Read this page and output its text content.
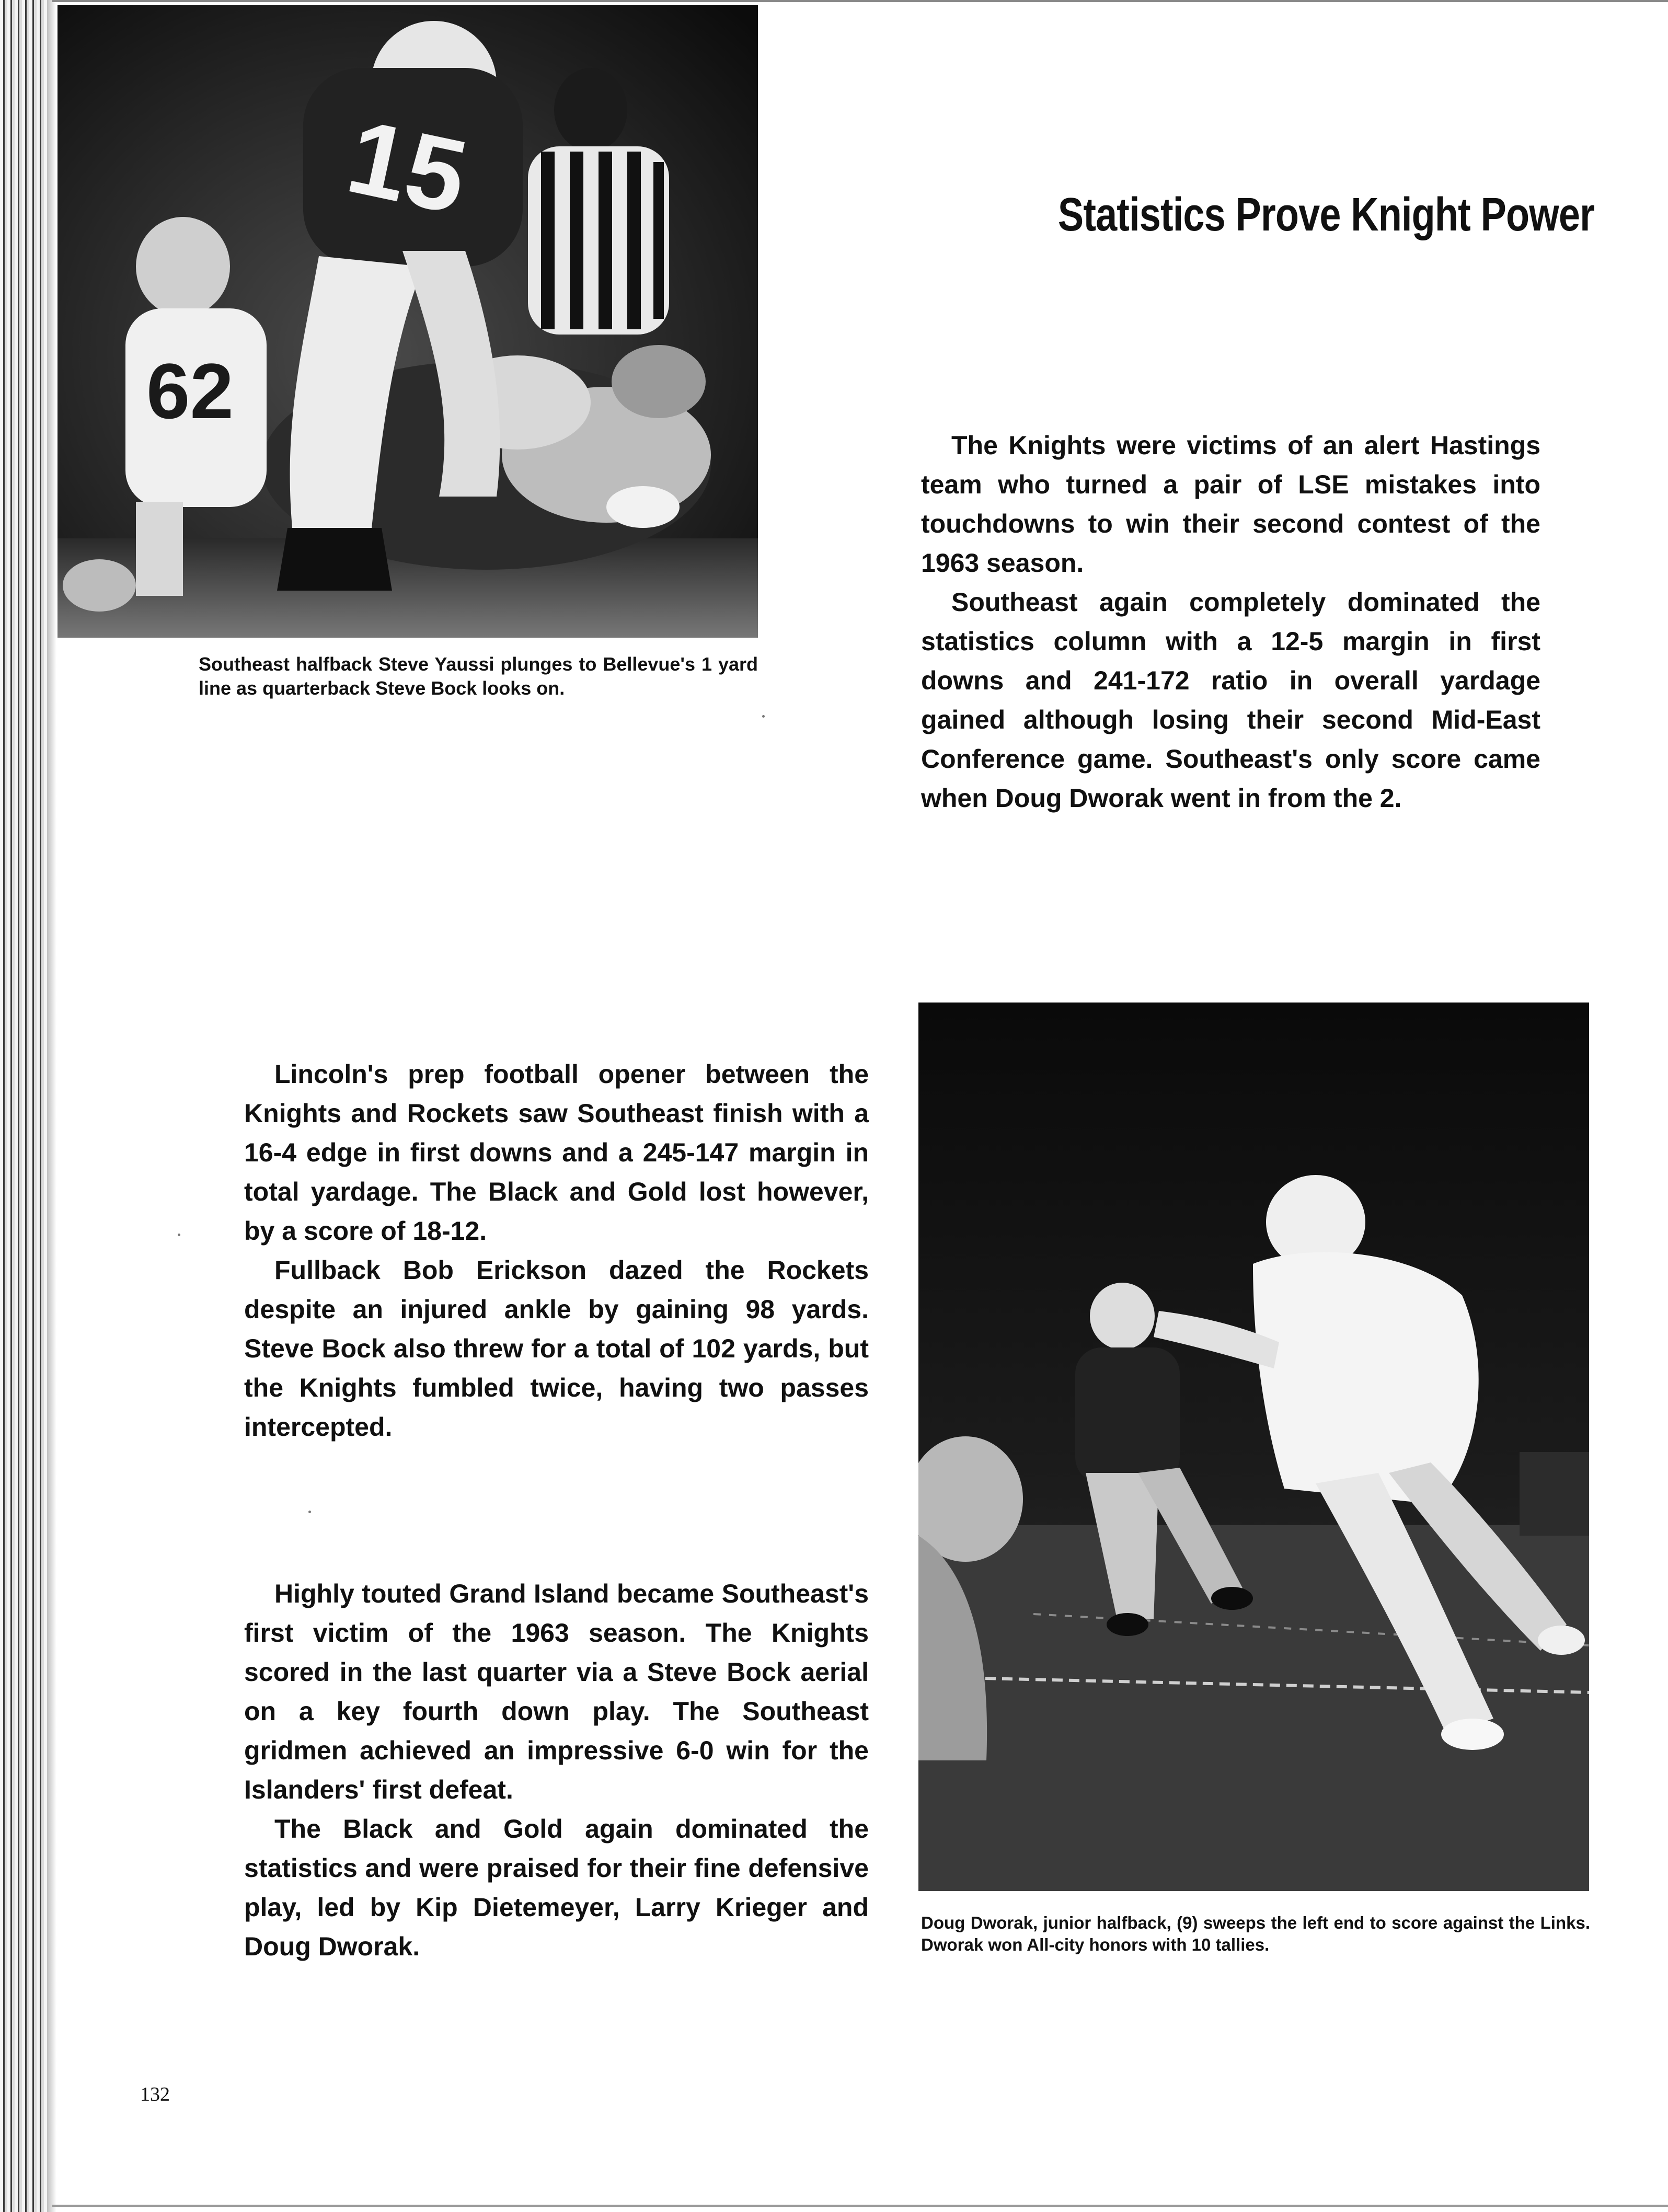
62
15
Southeast halfback Steve Yaussi plunges to Bellevue's 1 yard line as quarterback Steve Bock looks on.
Statistics Prove Knight Power

The Knights were victims of an alert Hastings team who turned a pair of LSE mistakes into touchdowns to win their second contest of the 1963 season.

Southeast again completely dominated the statistics column with a 12-5 margin in first downs and 241-172 ratio in overall yardage gained although losing their second Mid-East Conference game. Southeast's only score came when Doug Dworak went in from the 2.

Lincoln's prep football opener between the Knights and Rockets saw Southeast finish with a 16-4 edge in first downs and a 245-147 margin in total yardage. The Black and Gold lost however, by a score of 18-12.

Fullback Bob Erickson dazed the Rockets despite an injured ankle by gaining 98 yards. Steve Bock also threw for a total of 102 yards, but the Knights fumbled twice, having two passes intercepted.

Highly touted Grand Island became Southeast's first victim of the 1963 season. The Knights scored in the last quarter via a Steve Bock aerial on a key fourth down play. The Southeast gridmen achieved an impressive 6-0 win for the Islanders' first defeat.

The Black and Gold again dominated the statistics and were praised for their fine defensive play, led by Kip Dietemeyer, Larry Krieger and Doug Dworak.

Doug Dworak, junior halfback, (9) sweeps the left end to score against the Links. Dworak won All-city honors with 10 tallies.
132
